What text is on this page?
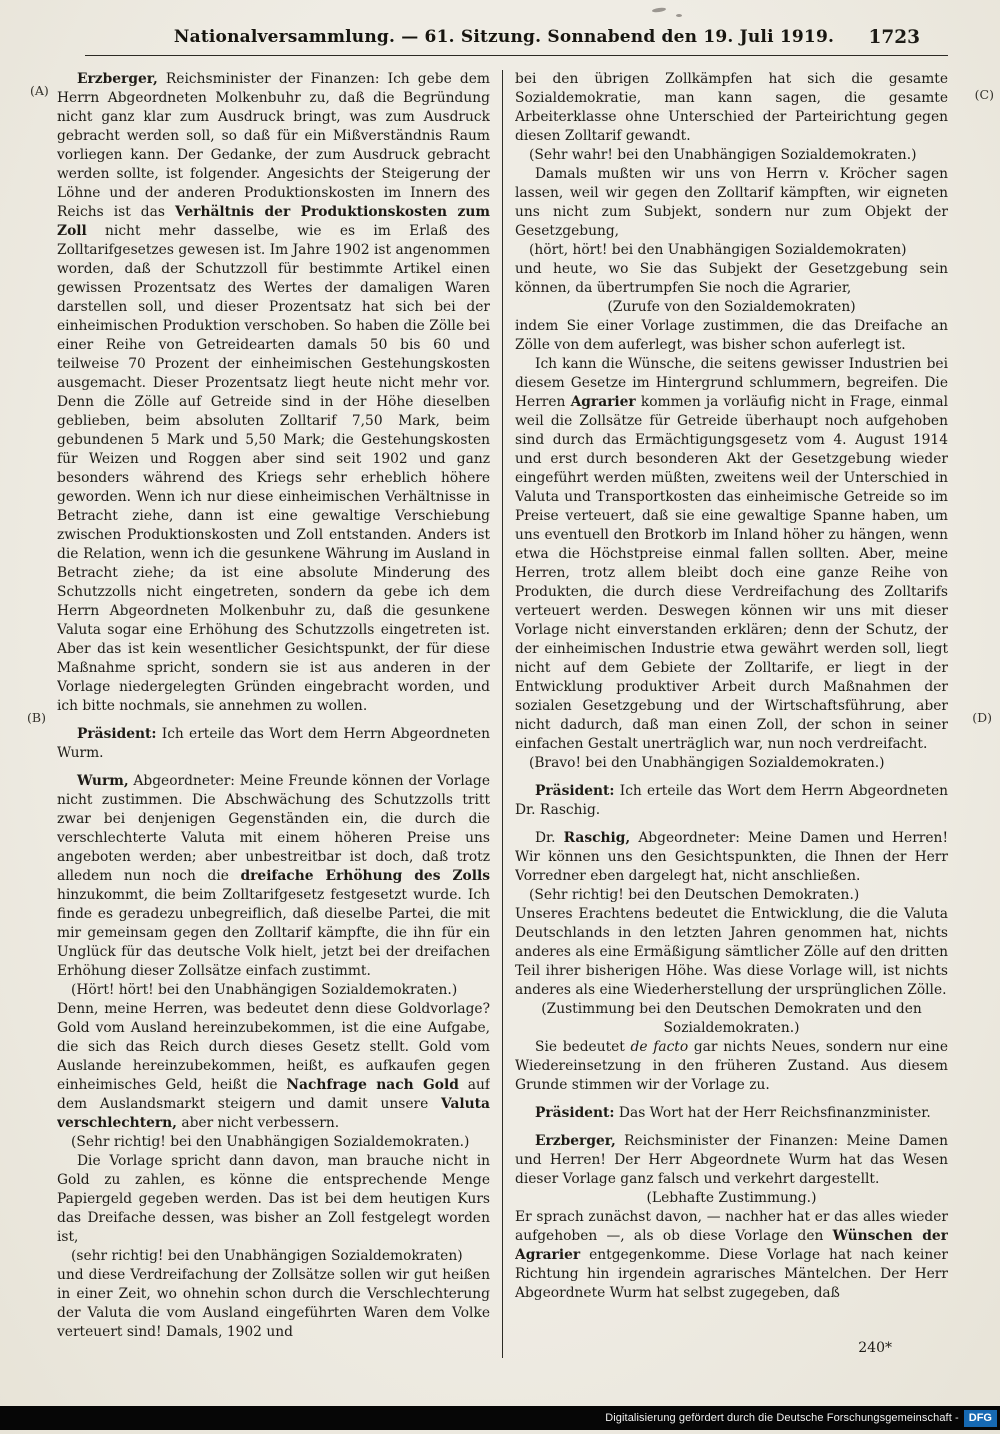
Nationalversammlung. — 61. Sitzung. Sonnabend den 19. Juli 1919.	1723
(A)
(B)
(C)
(D)

Erzberger, Reichsminister der Finanzen: Ich gebe dem Herrn Abgeordneten Molkenbuhr zu, daß die Begründung nicht ganz klar zum Ausdruck bringt, was zum Ausdruck gebracht werden soll, so daß für ein Mißverständnis Raum vorliegen kann. Der Gedanke, der zum Ausdruck gebracht werden sollte, ist folgender. Angesichts der Steigerung der Löhne und der anderen Produktionskosten im Innern des Reichs ist das Verhältnis der Produktionskosten zum Zoll nicht mehr dasselbe, wie es im Erlaß des Zolltarifgesetzes gewesen ist. Im Jahre 1902 ist angenommen worden, daß der Schutzzoll für bestimmte Artikel einen gewissen Prozentsatz des Wertes der damaligen Waren darstellen soll, und dieser Prozentsatz hat sich bei der einheimischen Produktion verschoben. So haben die Zölle bei einer Reihe von Getreidearten damals 50 bis 60 und teilweise 70 Prozent der einheimischen Gestehungskosten ausgemacht. Dieser Prozentsatz liegt heute nicht mehr vor. Denn die Zölle auf Getreide sind in der Höhe dieselben geblieben, beim absoluten Zolltarif 7,50 Mark, beim gebundenen 5 Mark und 5,50 Mark; die Gestehungskosten für Weizen und Roggen aber sind seit 1902 und ganz besonders während des Kriegs sehr erheblich höhere geworden. Wenn ich nur diese einheimischen Verhältnisse in Betracht ziehe, dann ist eine gewaltige Verschiebung zwischen Produktionskosten und Zoll entstanden. Anders ist die Relation, wenn ich die gesunkene Währung im Ausland in Betracht ziehe; da ist eine absolute Minderung des Schutzzolls nicht eingetreten, sondern da gebe ich dem Herrn Abgeordneten Molkenbuhr zu, daß die gesunkene Valuta sogar eine Erhöhung des Schutzzolls eingetreten ist. Aber das ist kein wesentlicher Gesichtspunkt, der für diese Maßnahme spricht, sondern sie ist aus anderen in der Vorlage niedergelegten Gründen eingebracht worden, und ich bitte nochmals, sie annehmen zu wollen.

Präsident: Ich erteile das Wort dem Herrn Abgeordneten Wurm.

Wurm, Abgeordneter: Meine Freunde können der Vorlage nicht zustimmen. Die Abschwächung des Schutzzolls tritt zwar bei denjenigen Gegenständen ein, die durch die verschlechterte Valuta mit einem höheren Preise uns angeboten werden; aber unbestreitbar ist doch, daß trotz alledem nun noch die dreifache Erhöhung des Zolls hinzukommt, die beim Zolltarifgesetz festgesetzt wurde. Ich finde es geradezu unbegreiflich, daß dieselbe Partei, die mit mir gemeinsam gegen den Zolltarif kämpfte, die ihn für ein Unglück für das deutsche Volk hielt, jetzt bei der dreifachen Erhöhung dieser Zollsätze einfach zustimmt.

(Hört! hört! bei den Unabhängigen Sozialdemokraten.)

Denn, meine Herren, was bedeutet denn diese Goldvorlage? Gold vom Ausland hereinzubekommen, ist die eine Aufgabe, die sich das Reich durch dieses Gesetz stellt. Gold vom Auslande hereinzubekommen, heißt, es aufkaufen gegen einheimisches Geld, heißt die Nachfrage nach Gold auf dem Auslandsmarkt steigern und damit unsere Valuta verschlechtern, aber nicht verbessern.

(Sehr richtig! bei den Unabhängigen Sozialdemokraten.)

Die Vorlage spricht dann davon, man brauche nicht in Gold zu zahlen, es könne die entsprechende Menge Papiergeld gegeben werden. Das ist bei dem heutigen Kurs das Dreifache dessen, was bisher an Zoll festgelegt worden ist,

(sehr richtig! bei den Unabhängigen Sozialdemokraten)

und diese Verdreifachung der Zollsätze sollen wir gut heißen in einer Zeit, wo ohnehin schon durch die Verschlechterung der Valuta die vom Ausland eingeführten Waren dem Volke verteuert sind! Damals, 1902 und

bei den übrigen Zollkämpfen hat sich die gesamte Sozialdemokratie, man kann sagen, die gesamte Arbeiterklasse ohne Unterschied der Parteirichtung gegen diesen Zolltarif gewandt.

(Sehr wahr! bei den Unabhängigen Sozialdemokraten.)

Damals mußten wir uns von Herrn v. Kröcher sagen lassen, weil wir gegen den Zolltarif kämpften, wir eigneten uns nicht zum Subjekt, sondern nur zum Objekt der Gesetzgebung,

(hört, hört! bei den Unabhängigen Sozialdemokraten)

und heute, wo Sie das Subjekt der Gesetzgebung sein können, da übertrumpfen Sie noch die Agrarier,

(Zurufe von den Sozialdemokraten)

indem Sie einer Vorlage zustimmen, die das Dreifache an Zölle von dem auferlegt, was bisher schon auferlegt ist.

Ich kann die Wünsche, die seitens gewisser Industrien bei diesem Gesetze im Hintergrund schlummern, begreifen. Die Herren Agrarier kommen ja vorläufig nicht in Frage, einmal weil die Zollsätze für Getreide überhaupt noch aufgehoben sind durch das Ermächtigungsgesetz vom 4. August 1914 und erst durch besonderen Akt der Gesetzgebung wieder eingeführt werden müßten, zweitens weil der Unterschied in Valuta und Transportkosten das einheimische Getreide so im Preise verteuert, daß sie eine gewaltige Spanne haben, um uns eventuell den Brotkorb im Inland höher zu hängen, wenn etwa die Höchstpreise einmal fallen sollten. Aber, meine Herren, trotz allem bleibt doch eine ganze Reihe von Produkten, die durch diese Verdreifachung des Zolltarifs verteuert werden. Deswegen können wir uns mit dieser Vorlage nicht einverstanden erklären; denn der Schutz, der der einheimischen Industrie etwa gewährt werden soll, liegt nicht auf dem Gebiete der Zolltarife, er liegt in der Entwicklung produktiver Arbeit durch Maßnahmen der sozialen Gesetzgebung und der Wirtschaftsführung, aber nicht dadurch, daß man einen Zoll, der schon in seiner einfachen Gestalt unerträglich war, nun noch verdreifacht.

(Bravo! bei den Unabhängigen Sozialdemokraten.)

Präsident: Ich erteile das Wort dem Herrn Abgeordneten Dr. Raschig.

Dr. Raschig, Abgeordneter: Meine Damen und Herren! Wir können uns den Gesichtspunkten, die Ihnen der Herr Vorredner eben dargelegt hat, nicht anschließen.

(Sehr richtig! bei den Deutschen Demokraten.)

Unseres Erachtens bedeutet die Entwicklung, die die Valuta Deutschlands in den letzten Jahren genommen hat, nichts anderes als eine Ermäßigung sämtlicher Zölle auf den dritten Teil ihrer bisherigen Höhe. Was diese Vorlage will, ist nichts anderes als eine Wiederherstellung der ursprünglichen Zölle.

(Zustimmung bei den Deutschen Demokraten und den Sozialdemokraten.)

Sie bedeutet de facto gar nichts Neues, sondern nur eine Wiedereinsetzung in den früheren Zustand. Aus diesem Grunde stimmen wir der Vorlage zu.

Präsident: Das Wort hat der Herr Reichsfinanzminister.

Erzberger, Reichsminister der Finanzen: Meine Damen und Herren! Der Herr Abgeordnete Wurm hat das Wesen dieser Vorlage ganz falsch und verkehrt dargestellt.

(Lebhafte Zustimmung.)

Er sprach zunächst davon, — nachher hat er das alles wieder aufgehoben —, als ob diese Vorlage den Wünschen der Agrarier entgegenkomme. Diese Vorlage hat nach keiner Richtung hin irgendein agrarisches Mäntelchen. Der Herr Abgeordnete Wurm hat selbst zugegeben, daß

240*
Digitalisierung gefördert durch die Deutsche Forschungsgemeinschaft - DFG
